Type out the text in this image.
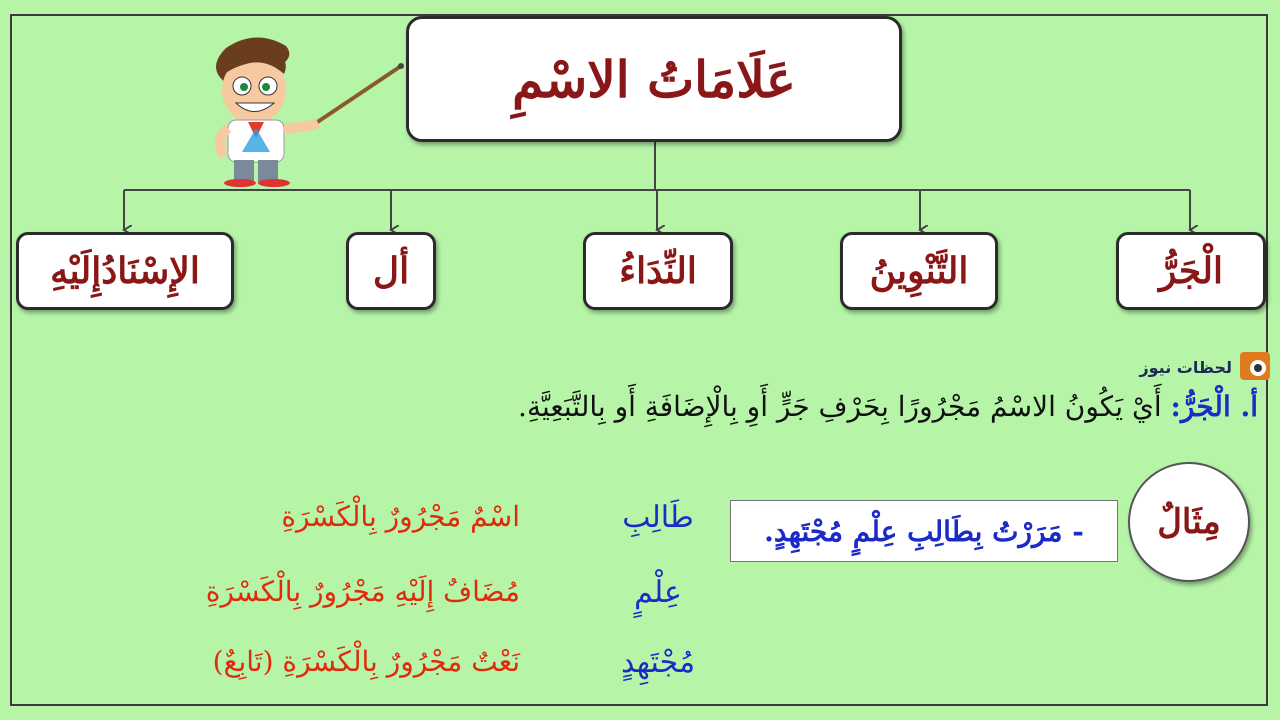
عَلَامَاتُ الاسْمِ
الْجَرُّ
التَّنْوِينُ
النِّدَاءُ
أل
الإِسْنَادُإِلَيْهِ
لحظات نيوز
أ. الْجَرُّ: أَيْ يَكُونُ الاسْمُ مَجْرُورًا بِحَرْفِ جَرٍّ أَوِ بِالْإِضَافَةِ أَو بِالتَّبَعِيَّةِ.
مِثَالٌ
- مَرَرْتُ بِطَالِبِ عِلْمٍ مُجْتَهِدٍ.
طَالِبِ
عِلْمٍ
مُجْتَهِدٍ
اسْمٌ مَجْرُورٌ بِالْكَسْرَةِ
مُضَافٌ إِلَيْهِ مَجْرُورٌ بِالْكَسْرَةِ
نَعْتٌ مَجْرُورٌ بِالْكَسْرَةِ (تَابِعٌ)
